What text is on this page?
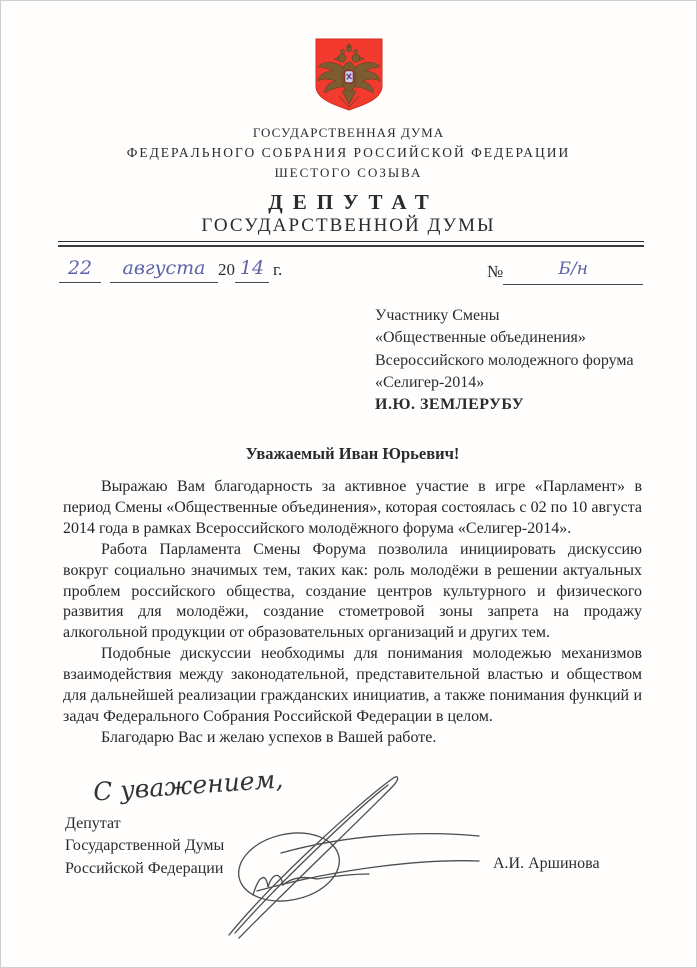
ГОСУДАРСТВЕННАЯ ДУМА
ФЕДЕРАЛЬНОГО СОБРАНИЯ РОССИЙСКОЙ ФЕДЕРАЦИИ
ШЕСТОГО СОЗЫВА
ДЕПУТАТ
ГОСУДАРСТВЕННОЙ ДУМЫ
22	августа 20 14 г.	№	Б/н
Участнику Смены
«Общественные объединения»
Всероссийского молодежного форума
«Селигер-2014»
И.Ю. ЗЕМЛЕРУБУ
Уважаемый Иван Юрьевич!

Выражаю Вам благодарность за активное участие в игре «Парламент» в период Смены «Общественные объединения», которая состоялась с 02 по 10 августа 2014 года в рамках Всероссийского молодёжного форума «Селигер-2014».

Работа Парламента Смены Форума позволила инициировать дискуссию вокруг социально значимых тем, таких как: роль молодёжи в решении актуальных проблем российского общества, создание центров культурного и физического развития для молодёжи, создание стометровой зоны запрета на продажу алкогольной продукции от образовательных организаций и других тем.

Подобные дискуссии необходимы для понимания молодежью механизмов взаимодействия между законодательной, представительной властью и обществом для дальнейшей реализации гражданских инициатив, а также понимания функций и задач Федерального Собрания Российской Федерации в целом.

Благодарю Вас и желаю успехов в Вашей работе.

С уважением,
Депутат
Государственной Думы
Российской Федерации	А.И. Аршинова
